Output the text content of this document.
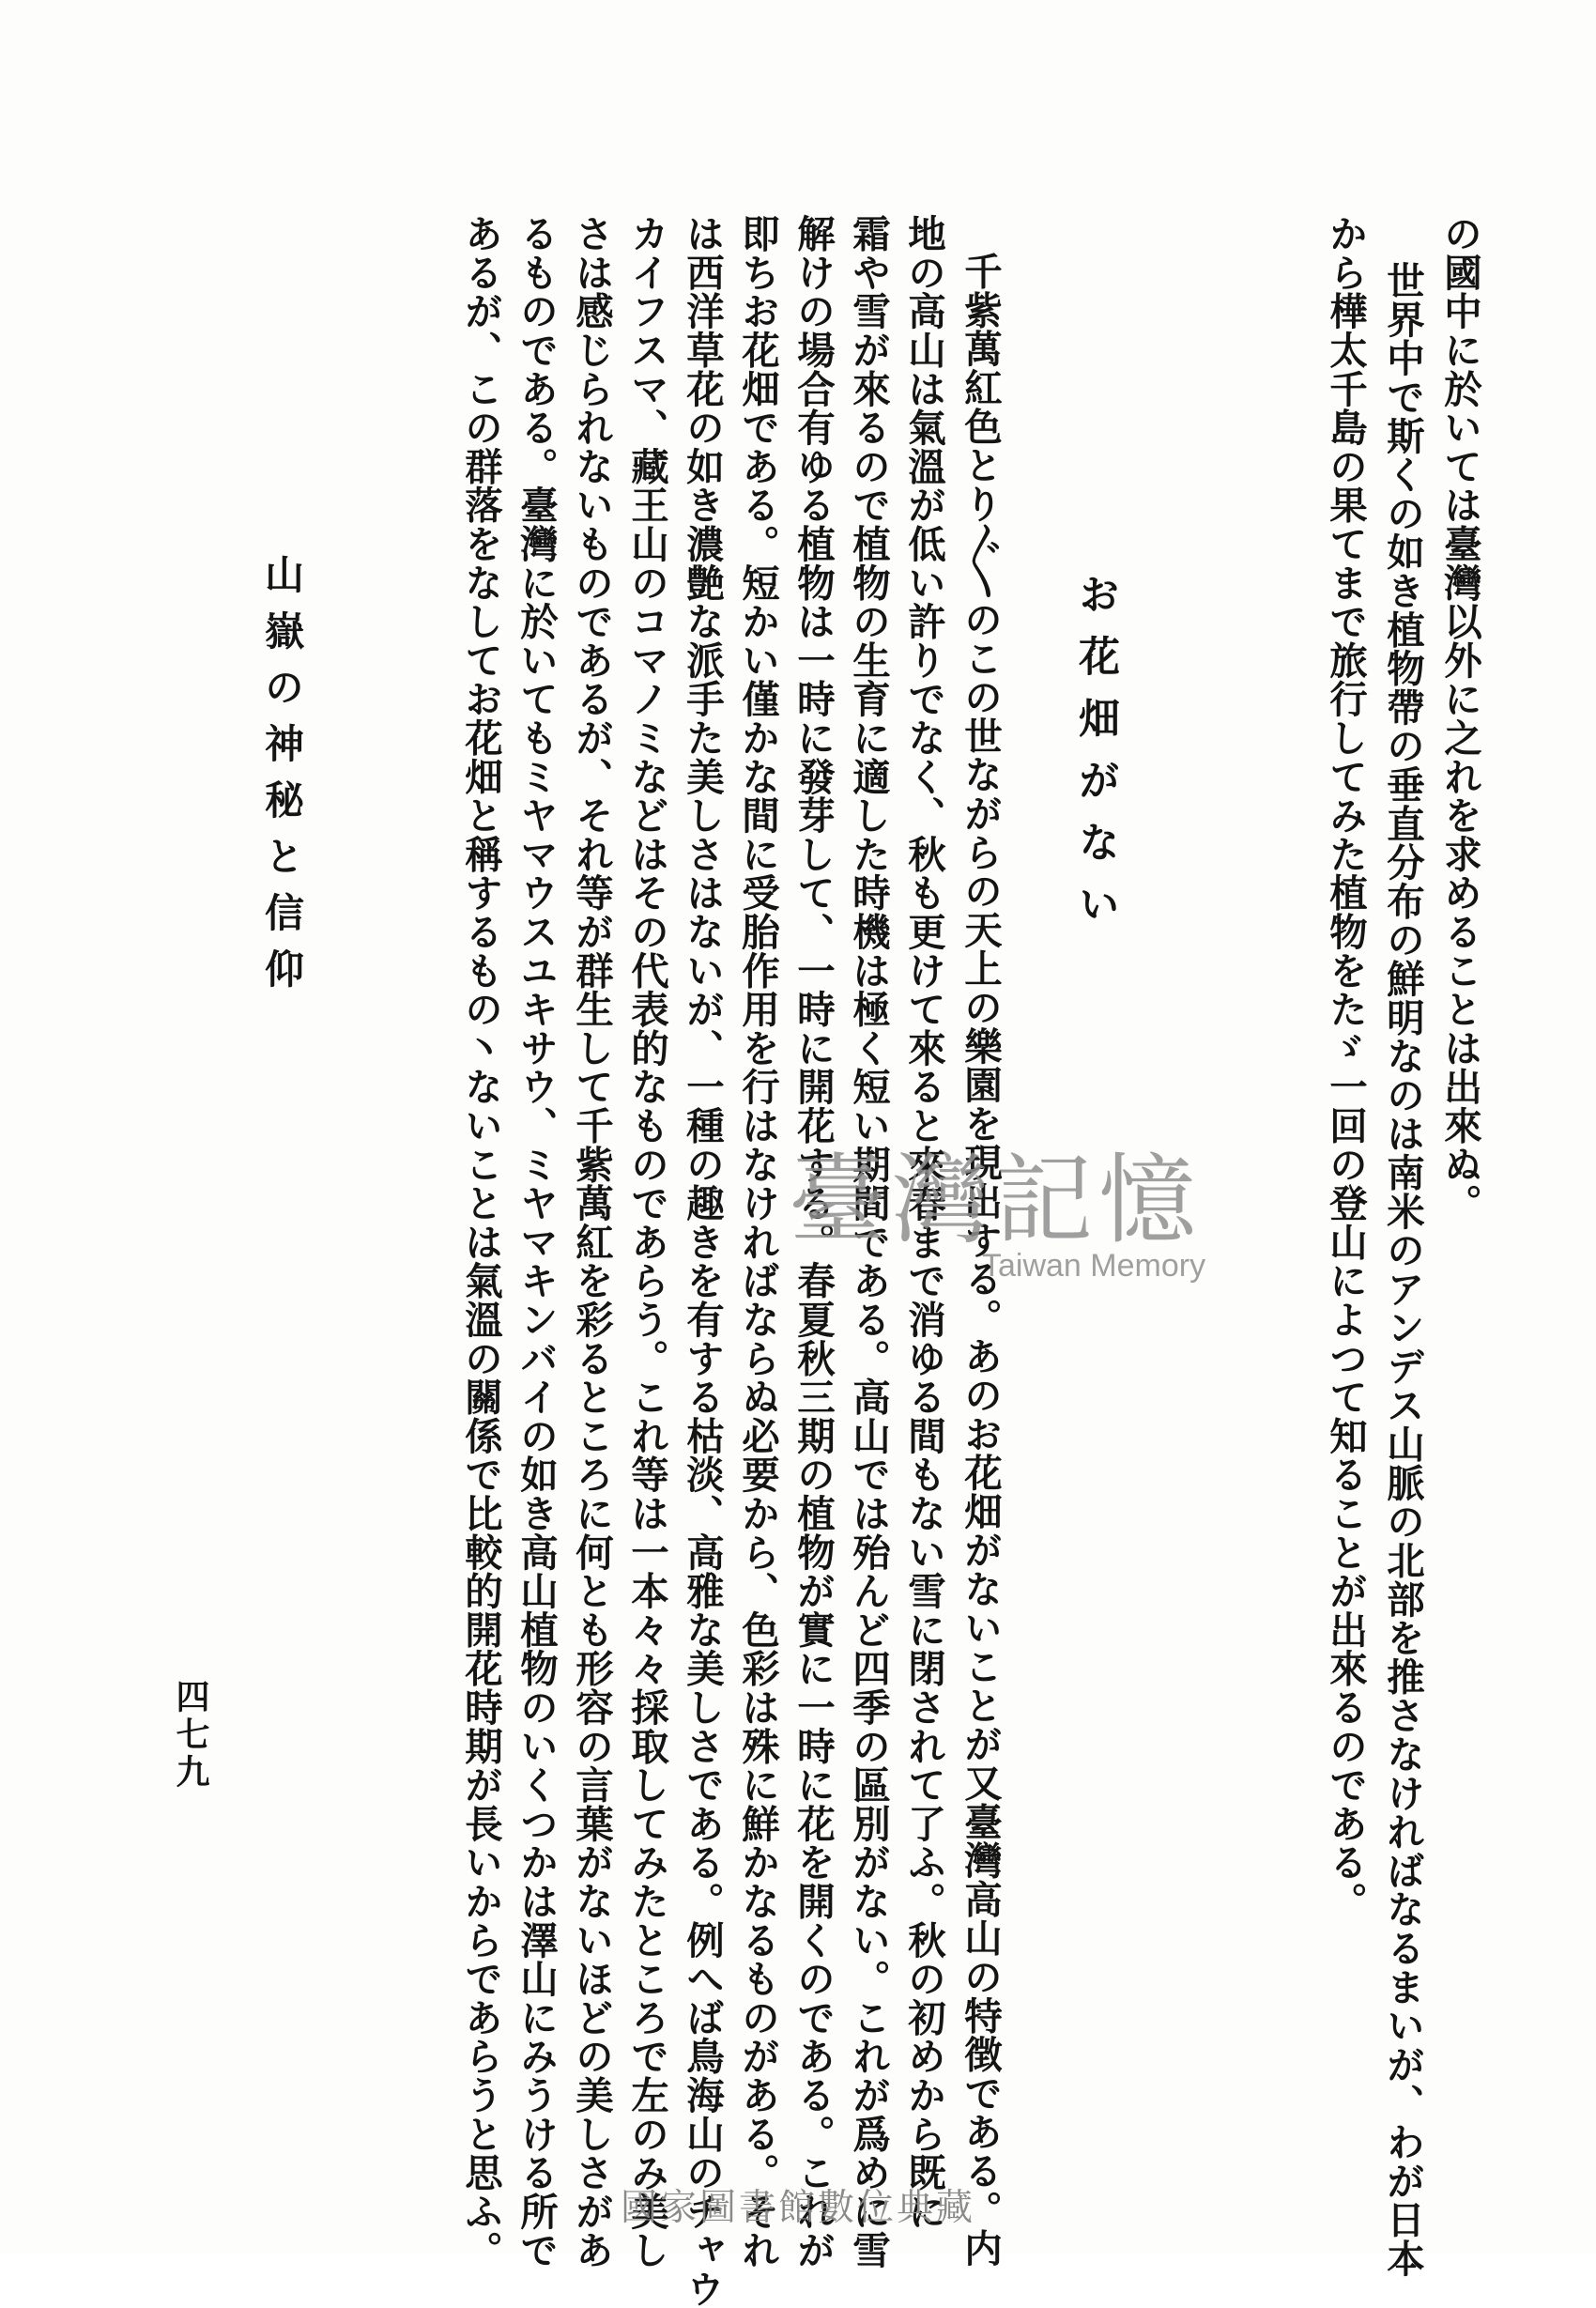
から樺太千島の果てまで旅行してみた植物をたゞ一回の登山によつて知ることが出來るのである。 世界中で斯くの如き植物帶の垂直分布の鮮明なのは南米のアンデス山脈の北部を推さなければなるまいが、わが日本 の國中に於いては臺灣以外に之れを求めることは出來ぬ。
お花畑がない
千紫萬紅色とり〴〵のこの世ながらの天上の樂園を現出する。あのお花畑がないことが又臺灣高山の特徴である。内
地の高山は氣溫が低い許りでなく、秋も更けて來ると來春まで消ゆる間もない雪に閉されて了ふ。秋の初めから既に
霜や雪が來るので植物の生育に適した時機は極く短い期間である。高山では殆んど四季の區別がない。これが爲めに雪
解けの場合有ゆる植物は一時に發芽して、一時に開花する。春夏秋三期の植物が實に一時に花を開くのである。これが
即ちお花畑である。短かい僅かな間に受胎作用を行はなければならぬ必要から、色彩は殊に鮮かなるものがある。それ
は西洋草花の如き濃艶な派手た美しさはないが、一種の趣きを有する枯淡、高雅な美しさである。例へば鳥海山のチャウ
カイフスマ、藏王山のコマノミなどはその代表的なものであらう。これ等は一本々々採取してみたところで左のみ美し
さは感じられないものであるが、それ等が群生して千紫萬紅を彩るところに何とも形容の言葉がないほどの美しさがあ
るものである。臺灣に於いてもミヤマウスユキサウ、ミヤマキンバイの如き高山植物のいくつかは澤山にみうける所で
あるが、この群落をなしてお花畑と稱するもの丶ないことは氣溫の關係で比較的開花時期が長いからであらうと思ふ。
山嶽の神秘と信仰
四七九
臺灣記憶
Taiwan Memory
國家圖書館數位典藏
